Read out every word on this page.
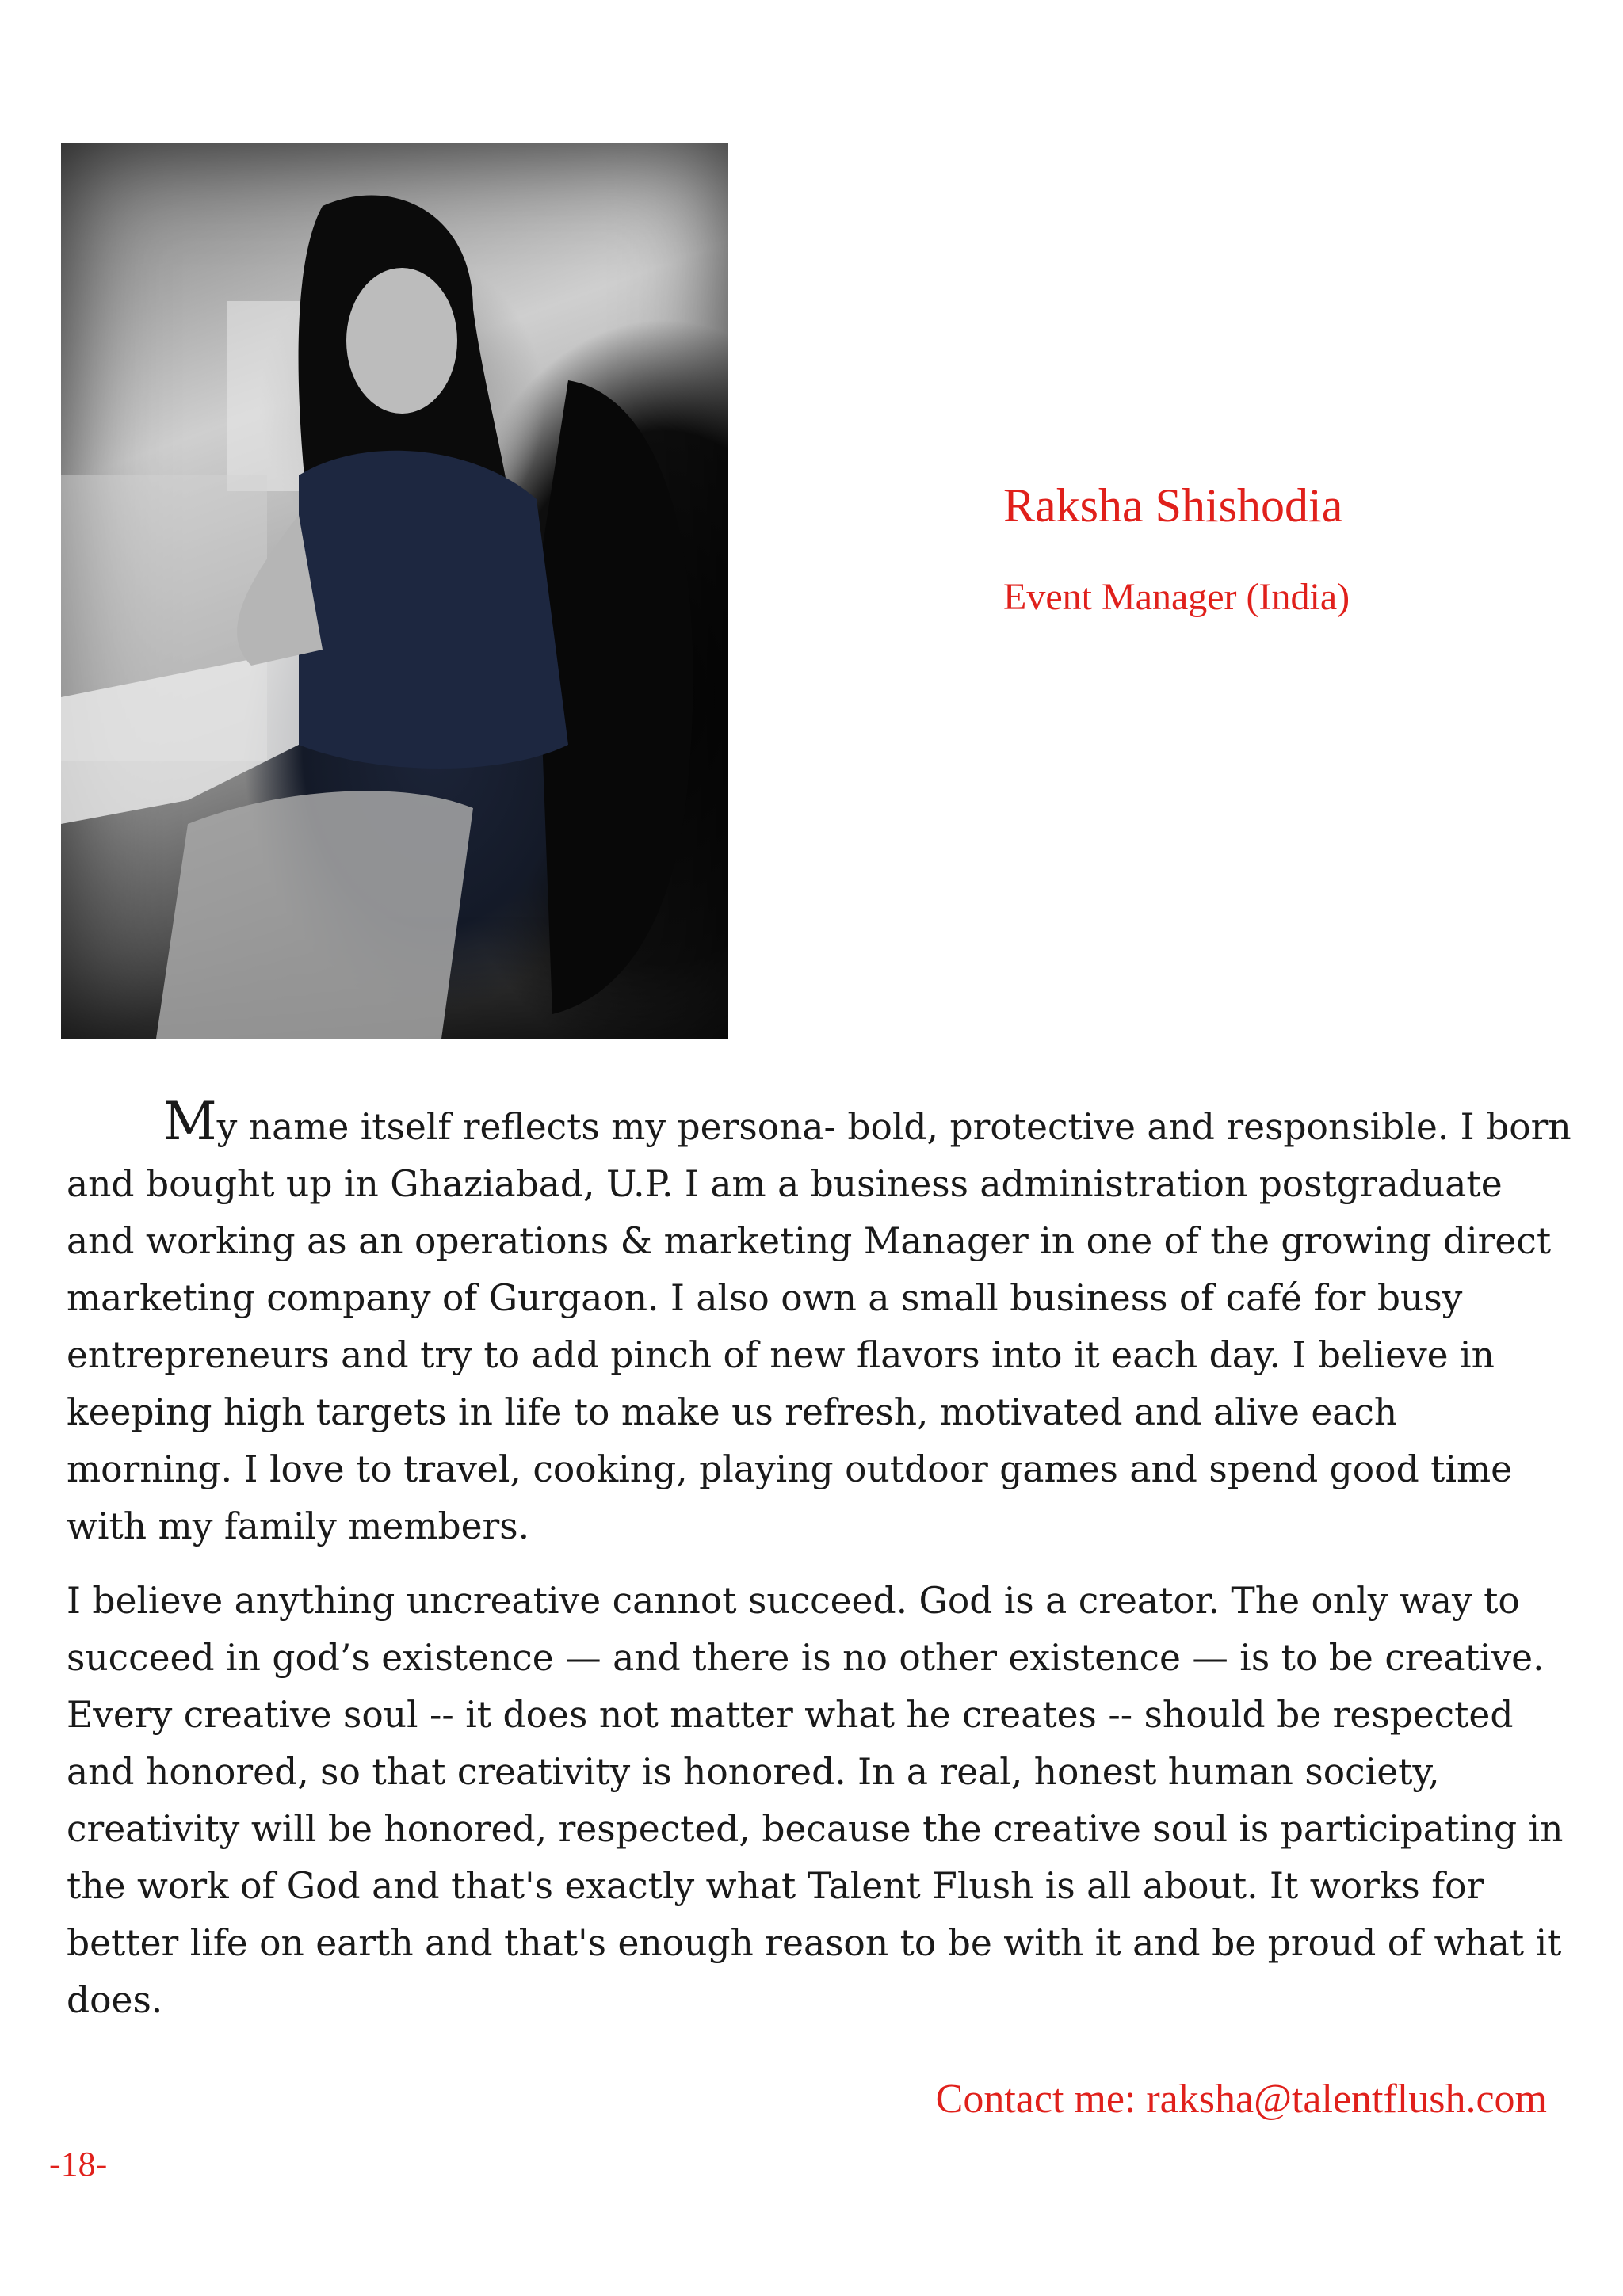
Raksha Shishodia
Event Manager (India)

My name itself reflects my persona- bold, protective and responsible. I born and bought up in Ghaziabad, U.P. I am a business administration postgraduate and working as an operations & marketing Manager in one of the growing direct marketing company of Gurgaon. I also own a small business of café for busy entrepreneurs and try to add pinch of new flavors into it each day. I believe in keeping high targets in life to make us refresh, motivated and alive each morning. I love to travel, cooking, playing outdoor games and spend good time with my family members.

I believe anything uncreative cannot succeed. God is a creator. The only way to succeed in god’s existence — and there is no other existence — is to be creative. Every creative soul -- it does not matter what he creates -- should be respected and honored, so that creativity is honored. In a real, honest human society, creativity will be honored, respected, because the creative soul is participating in the work of God and that's exactly what Talent Flush is all about. It works for better life on earth and that's enough reason to be with it and be proud of what it does.

Contact me: raksha@talentflush.com
-18-
